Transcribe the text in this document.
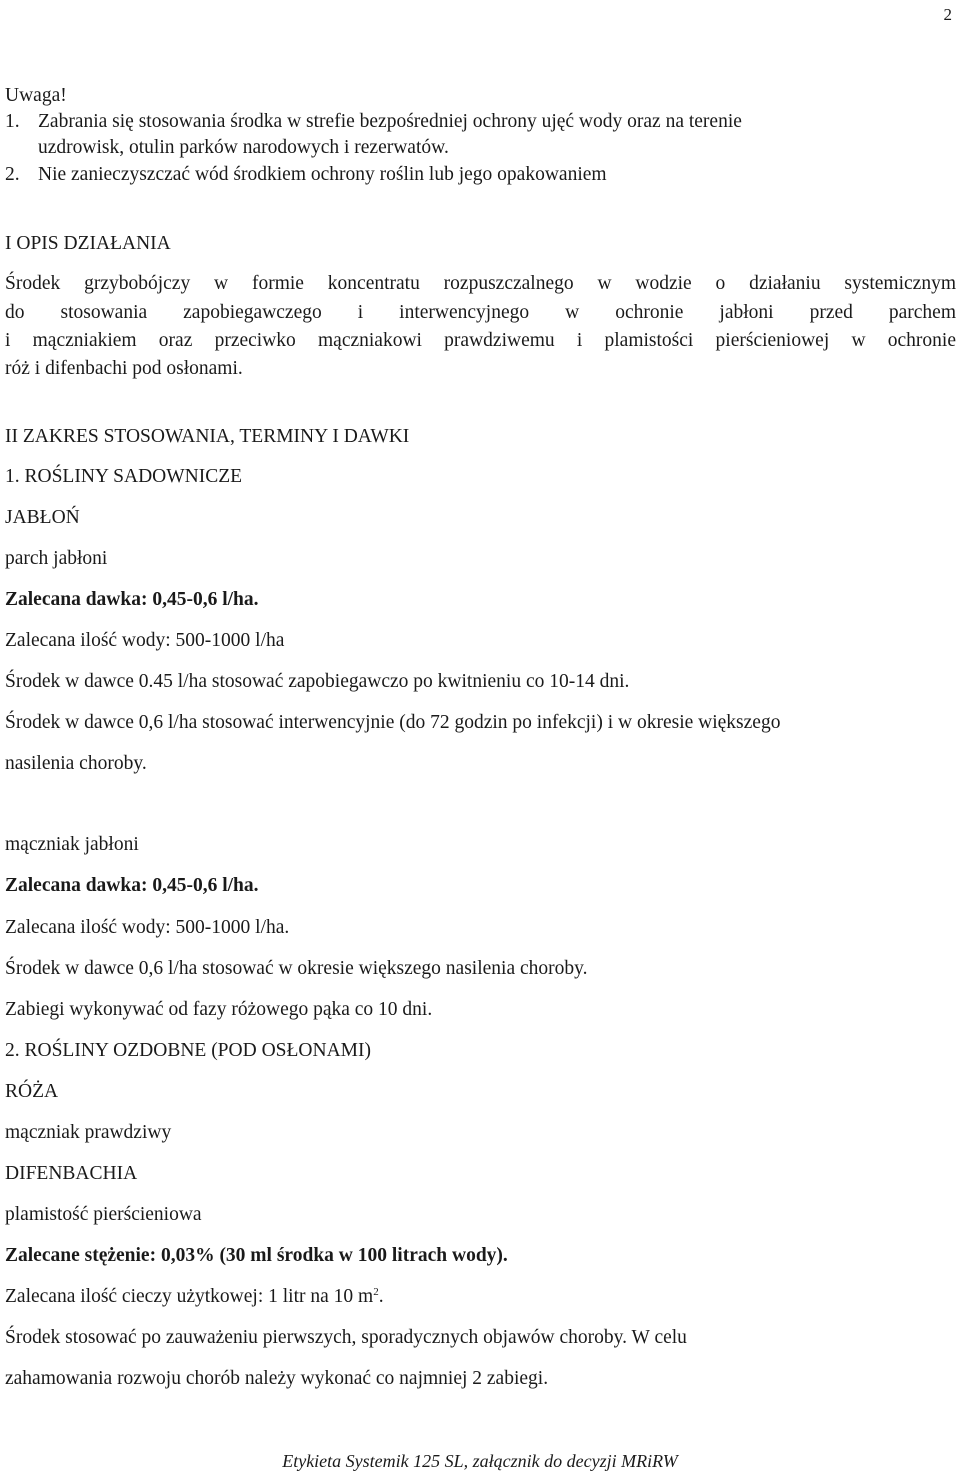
2
Uwaga!
1. Zabrania się stosowania środka w strefie bezpośredniej ochrony ujęć wody oraz na terenie
uzdrowisk, otulin parków narodowych i rezerwatów.
2. Nie zanieczyszczać wód środkiem ochrony roślin lub jego opakowaniem
I OPIS DZIAŁANIA
Środek grzybobójczy w formie koncentratu rozpuszczalnego w wodzie o działaniu systemicznym
do stosowania zapobiegawczego i interwencyjnego w ochronie jabłoni przed parchem
i mączniakiem oraz przeciwko mączniakowi prawdziwemu i plamistości pierścieniowej w ochronie
róż i difenbachi pod osłonami.
II ZAKRES STOSOWANIA, TERMINY I DAWKI
1. ROŚLINY SADOWNICZE
JABŁOŃ
parch jabłoni
Zalecana dawka: 0,45-0,6 l/ha.
Zalecana ilość wody: 500-1000 l/ha
Środek w dawce 0.45 l/ha stosować zapobiegawczo po kwitnieniu co 10-14 dni.
Środek w dawce 0,6 l/ha stosować interwencyjnie (do 72 godzin po infekcji) i w okresie większego
nasilenia choroby.
mączniak jabłoni
Zalecana dawka: 0,45-0,6 l/ha.
Zalecana ilość wody: 500-1000 l/ha.
Środek w dawce 0,6 l/ha stosować w okresie większego nasilenia choroby.
Zabiegi wykonywać od fazy różowego pąka co 10 dni.
2. ROŚLINY OZDOBNE (POD OSŁONAMI)
RÓŻA
mączniak prawdziwy
DIFENBACHIA
plamistość pierścieniowa
Zalecane stężenie: 0,03% (30 ml środka w 100 litrach wody).
Zalecana ilość cieczy użytkowej: 1 litr na 10 $m^2$.
Środek stosować po zauważeniu pierwszych, sporadycznych objawów choroby. W celu
zahamowania rozwoju chorób należy wykonać co najmniej 2 zabiegi.
Etykieta Systemik 125 SL, załącznik do decyzji MRiRW
